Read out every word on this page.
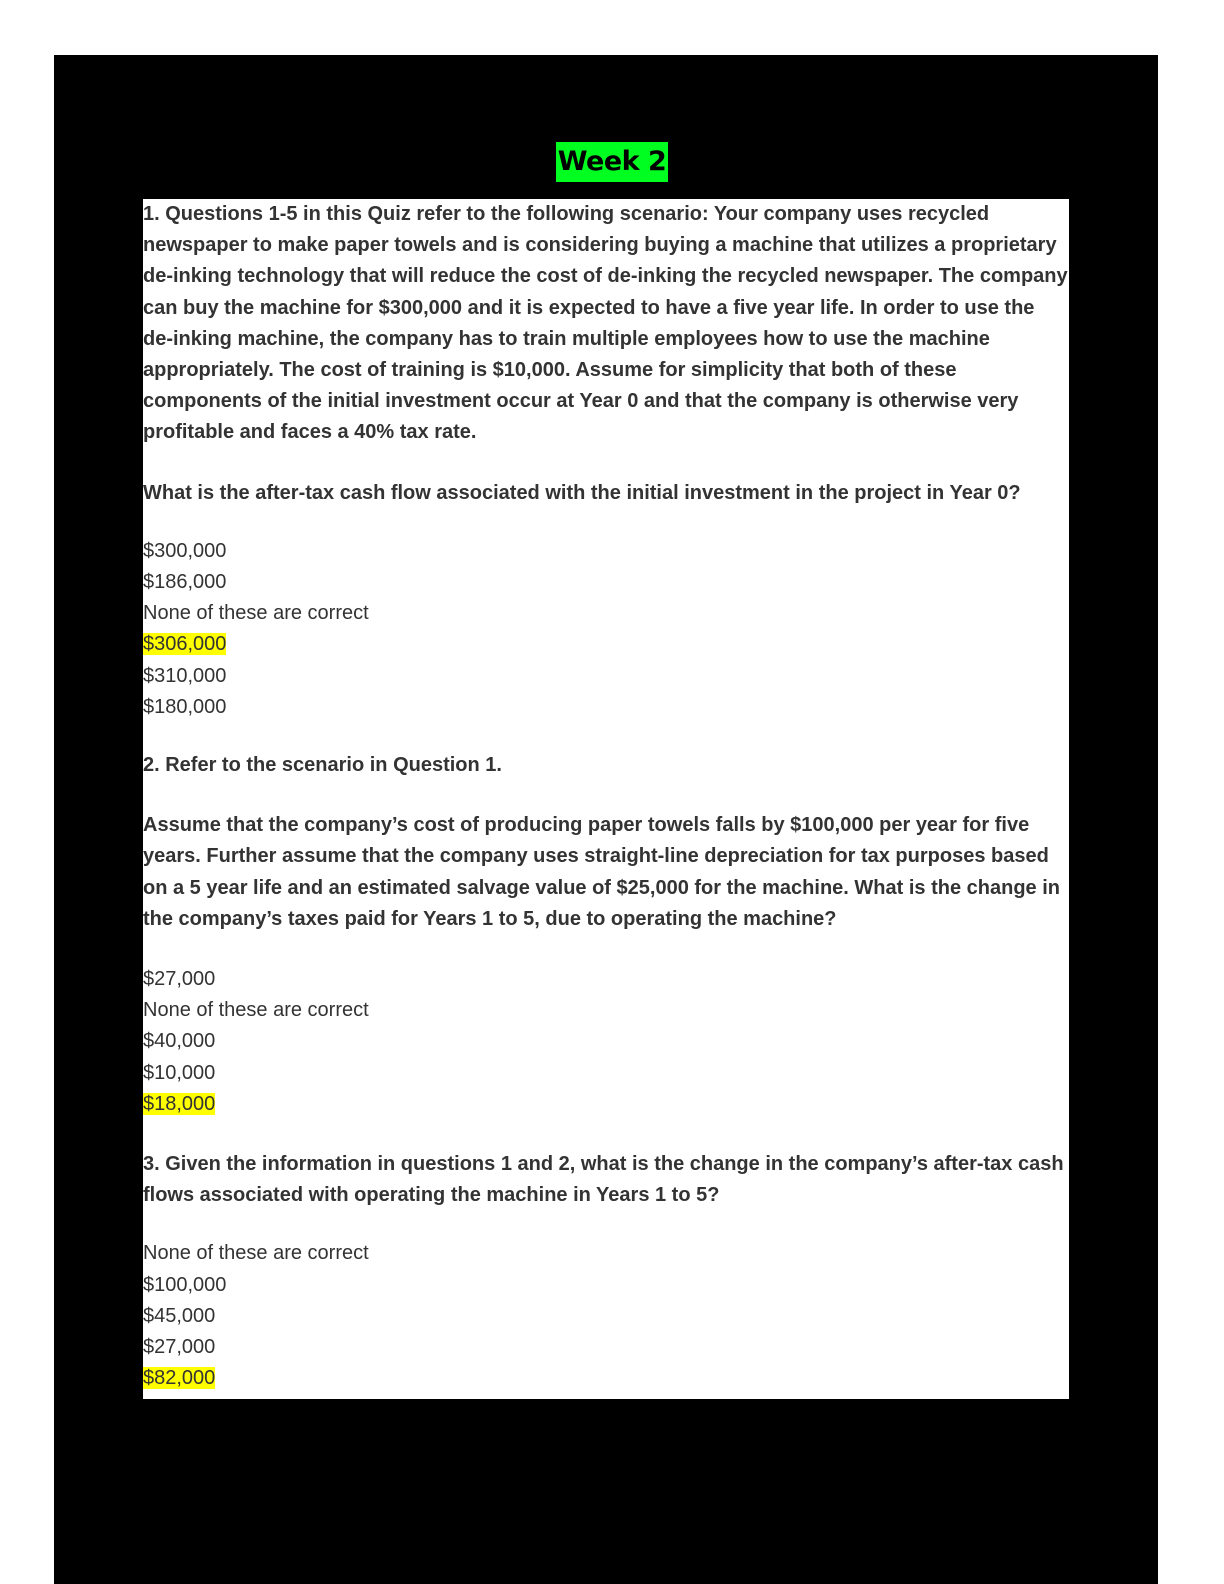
Week 2

1. Questions 1-5 in this Quiz refer to the following scenario: Your company uses recycled newspaper to make paper towels and is considering buying a machine that utilizes a proprietary de-inking technology that will reduce the cost of de-inking the recycled newspaper. The company can buy the machine for $300,000 and it is expected to have a five year life. In order to use the de-inking machine, the company has to train multiple employees how to use the machine appropriately. The cost of training is $10,000. Assume for simplicity that both of these components of the initial investment occur at Year 0 and that the company is otherwise very profitable and faces a 40% tax rate.

What is the after-tax cash flow associated with the initial investment in the project in Year 0?

$300,000

$186,000

None of these are correct

$306,000

$310,000

$180,000

2. Refer to the scenario in Question 1.

Assume that the company’s cost of producing paper towels falls by $100,000 per year for five years. Further assume that the company uses straight-line depreciation for tax purposes based on a 5 year life and an estimated salvage value of $25,000 for the machine. What is the change in the company’s taxes paid for Years 1 to 5, due to operating the machine?

$27,000

None of these are correct

$40,000

$10,000

$18,000

3. Given the information in questions 1 and 2, what is the change in the company’s after-tax cash flows associated with operating the machine in Years 1 to 5?

None of these are correct

$100,000

$45,000

$27,000

$82,000
